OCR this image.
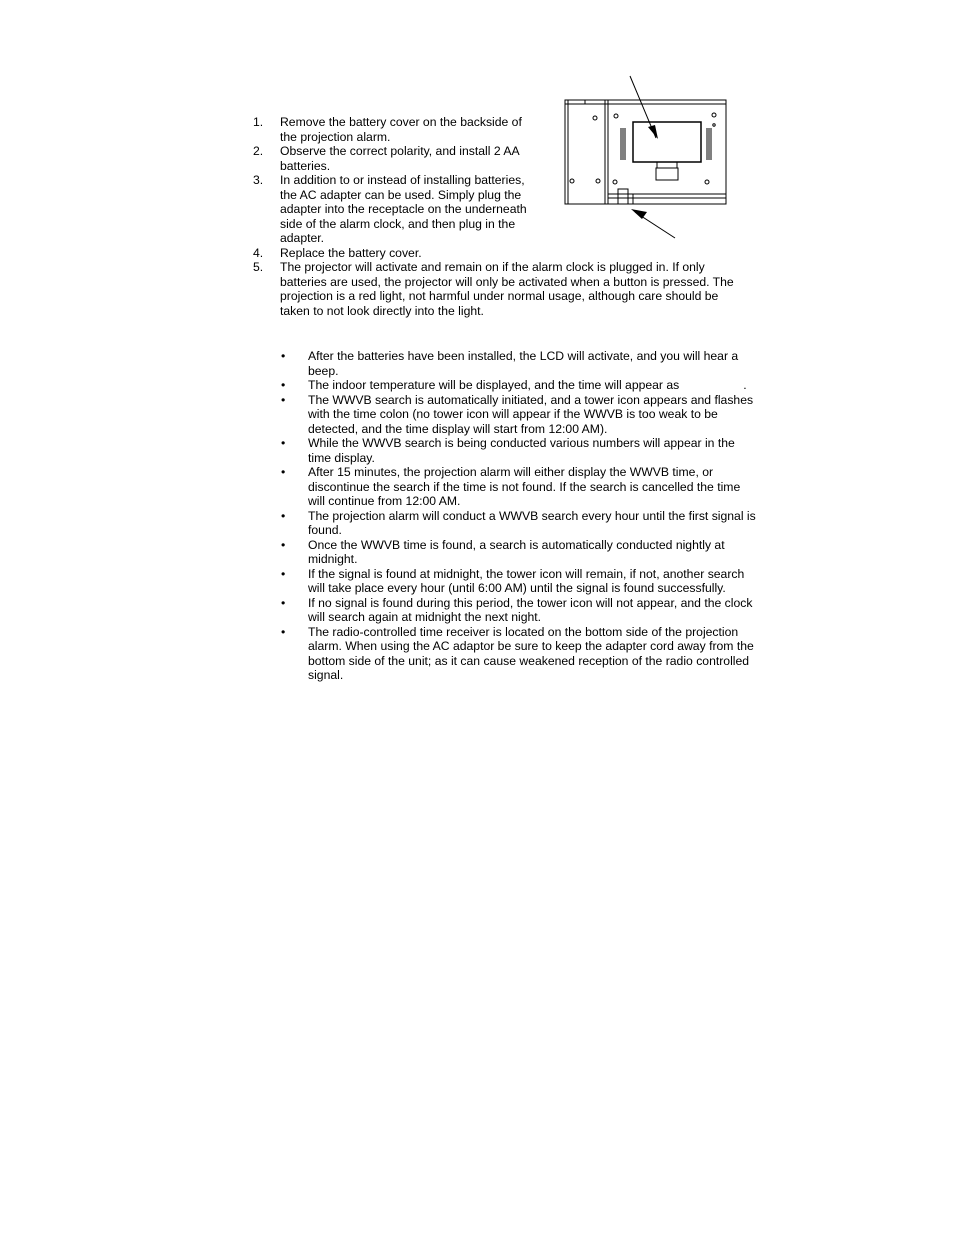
1. Remove the battery cover on the backside of the projection alarm.
2. Observe the correct polarity, and install 2 AA batteries.
3. In addition to or instead of installing batteries, the AC adapter can be used. Simply plug the adapter into the receptacle on the underneath side of the alarm clock, and then plug in the adapter.
4. Replace the battery cover.
5. The projector will activate and remain on if the alarm clock is plugged in. If only batteries are used, the projector will only be activated when a button is pressed. The projection is a red light, not harmful under normal usage, although care should be taken to not look directly into the light.
• After the batteries have been installed, the LCD will activate, and you will hear a beep.
• The indoor temperature will be displayed, and the time will appear as	.
• The WWVB search is automatically initiated, and a tower icon appears and flashes with the time colon (no tower icon will appear if the WWVB is too weak to be detected, and the time display will start from 12:00 AM).
• While the WWVB search is being conducted various numbers will appear in the time display.
• After 15 minutes, the projection alarm will either display the WWVB time, or discontinue the search if the time is not found. If the search is cancelled the time will continue from 12:00 AM.
• The projection alarm will conduct a WWVB search every hour until the first signal is found.
• Once the WWVB time is found, a search is automatically conducted nightly at midnight.
• If the signal is found at midnight, the tower icon will remain, if not, another search will take place every hour (until 6:00 AM) until the signal is found successfully.
• If no signal is found during this period, the tower icon will not appear, and the clock will search again at midnight the next night.
• The radio-controlled time receiver is located on the bottom side of the projection alarm. When using the AC adaptor be sure to keep the adapter cord away from the bottom side of the unit; as it can cause weakened reception of the radio controlled signal.
